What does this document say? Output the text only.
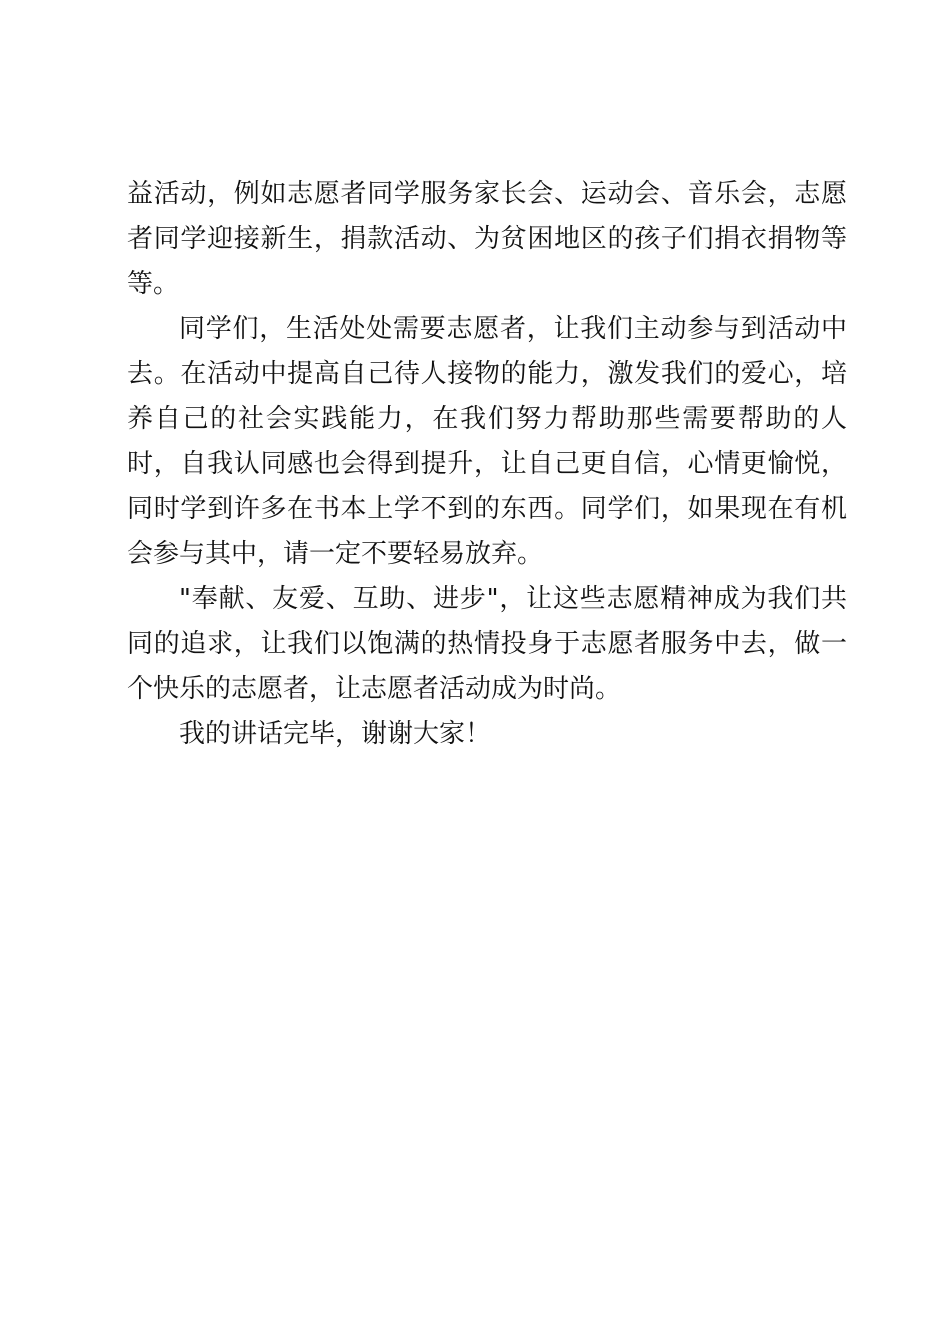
益活动，例如志愿者同学服务家长会、运动会、音乐会，志愿者同学迎接新生，捐款活动、为贫困地区的孩子们捐衣捐物等等。

同学们，生活处处需要志愿者，让我们主动参与到活动中去。在活动中提高自己待人接物的能力，激发我们的爱心，培养自己的社会实践能力，在我们努力帮助那些需要帮助的人时，自我认同感也会得到提升，让自己更自信，心情更愉悦，同时学到许多在书本上学不到的东西。同学们，如果现在有机会参与其中，请一定不要轻易放弃。

"奉献、友爱、互助、进步"，让这些志愿精神成为我们共同的追求，让我们以饱满的热情投身于志愿者服务中去，做一个快乐的志愿者，让志愿者活动成为时尚。

我的讲话完毕，谢谢大家！
